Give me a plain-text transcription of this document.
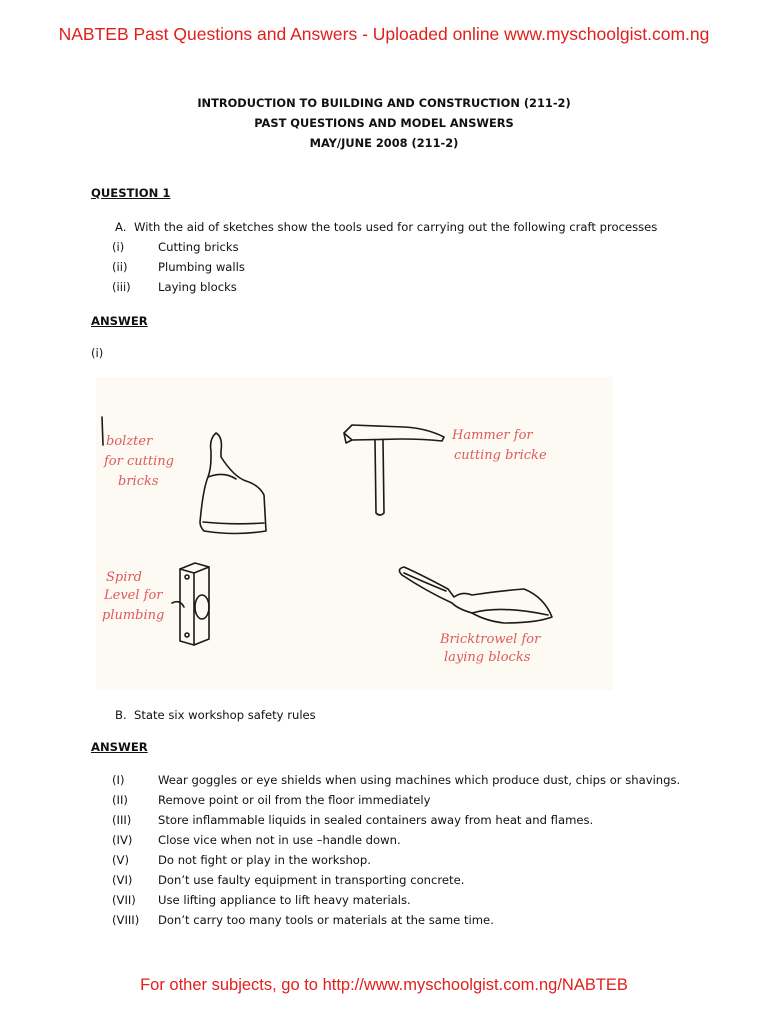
NABTEB Past Questions and Answers - Uploaded online www.myschoolgist.com.ng
INTRODUCTION TO BUILDING AND CONSTRUCTION (211-2)
PAST QUESTIONS AND MODEL ANSWERS
MAY/JUNE 2008 (211-2)
QUESTION 1
A. With the aid of sketches show the tools used for carrying out the following craft processes
(i)	Cutting bricks
(ii)	Plumbing walls
(iii) Laying blocks
ANSWER
(i)
bolzter
for cutting
bricks
Hammer for
cutting bricke
Spird
Level for
plumbing
Bricktrowel for
laying blocks
B. State six workshop safety rules
ANSWER
(I)	Wear goggles or eye shields when using machines which produce dust, chips or shavings.
(II)	Remove point or oil from the floor immediately
(III) Store inflammable liquids in sealed containers away from heat and flames.
(IV) Close vice when not in use –handle down.
(V)	Do not fight or play in the workshop.
(VI) Don’t use faulty equipment in transporting concrete.
(VII) Use lifting appliance to lift heavy materials.
(VIII) Don’t carry too many tools or materials at the same time.
For other subjects, go to http://www.myschoolgist.com.ng/NABTEB
